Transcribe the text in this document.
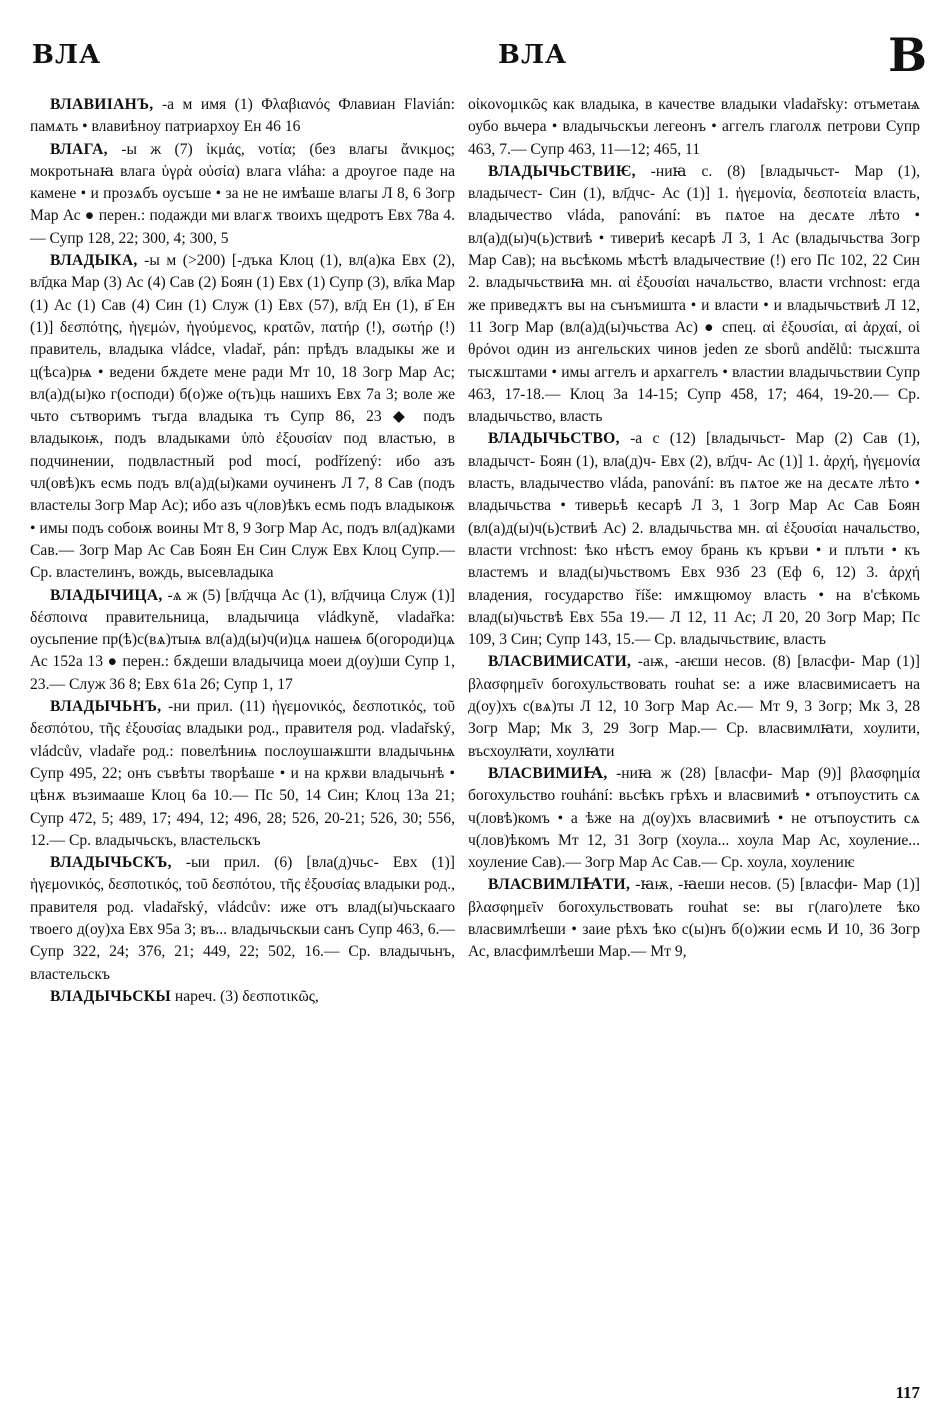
ВЛА	ВЛА	В

ВЛАВИIАНЪ, -а м имя (1) Φλαβιανός Флавиан Flavián: памѧть • влавиѣноу патриархоу Ен 46 16

ВЛАГА, -ы ж (7) ἰκμάς, νοτία; (без влагы ἄνικμος; мокротьнаꙗ влага ὑγρὰ οὐσία) влага vláha: а дроугое паде на камене • и прозѧбъ оусъше • за не не имѣаше влагы Л 8, 6 Зогр Мар Ас ● перен.: подажди ми влагѫ твоихъ щедротъ Евх 78а 4.— Супр 128, 22; 300, 4; 300, 5

ВЛАДЫКА, -ы м (>200) [-дъка Клоц (1), вл(а)ка Евх (2), вл҃дка Мар (3) Ас (4) Сав (2) Боян (1) Евх (1) Супр (3), вл҃ка Мар (1) Ас (1) Сав (4) Син (1) Служ (1) Евх (57), вл҃д Ен (1), в҃ Ен (1)] δεσπότης, ἡγεμών, ἡγούμενος, κρατῶν, πατήρ (!), σωτήρ (!) правитель, владыка vládce, vladař, pán: прѣдъ владыкы же и ц(ѣса)рѩ • ведени бѫдете мене ради Мт 10, 18 Зогр Мар Ас; вл(а)д(ы)ко г(осподи) б(о)же о(ть)ць нашихъ Евх 7а 3; воле же чьто сътворимъ тъгда владыка тъ Супр 86, 23 ◆ подъ владыкоѭ, подъ владыками ὑπὸ ἐξουσίαν под властью, в подчинении, подвластный pod mocí, podřízený: ибо азъ чл(овѣ)къ есмь подъ вл(а)д(ы)ками оучиненъ Л 7, 8 Сав (подъ властелы Зогр Мар Ас); ибо азъ ч(лов)ѣкъ есмь подъ владыкоѭ • имы подъ собоѭ воины Мт 8, 9 Зогр Мар Ас, подъ вл(ад)ками Сав.— Зогр Мар Ас Сав Боян Ен Син Служ Евх Клоц Супр.— Ср. властелинъ, вождь, высевладыка

ВЛАДЫЧИЦА, -ѧ ж (5) [вл҃дчца Ас (1), вл҃дчица Служ (1)] δέσποινα правительница, владычица vládkyně, vladařka: оусьпение пр(ѣ)с(вѧ)тыѩ вл(а)д(ы)ч(и)цѧ нашеѩ б(огороди)цѧ Ас 152а 13 ● перен.: бѫдеши владычица моеи д(оу)ши Супр 1, 23.— Служ 36 8; Евх 61а 26; Супр 1, 17

ВЛАДЫЧЬНЪ, -ни прил. (11) ἡγεμονικός, δεσποτικός, τοῦ δεσπότου, τῆς ἐξουσίας владыки род., правителя род. vladařský, vládcův, vladaře род.: повелѣниѩ послоушаѭшти владычьнѩ Супр 495, 22; онъ съвѣты творѣаше • и на крѫви владычьнѣ • цѣнѫ възимааше Клоц 6а 10.— Пс 50, 14 Син; Клоц 13а 21; Супр 472, 5; 489, 17; 494, 12; 496, 28; 526, 20-21; 526, 30; 556, 12.— Ср. владычьскъ, властельскъ

ВЛАДЫЧЬСКЪ, -ыи прил. (6) [вла(д)чьс- Евх (1)] ἡγεμονικός, δεσποτικός, τοῦ δεσπότου, τῆς ἐξουσίας владыки род., правителя род. vladařský, vládcův: иже отъ влад(ы)чьскааго твоего д(оу)ха Евх 95а 3; въ... владычьскыи санъ Супр 463, 6.— Супр 322, 24; 376, 21; 449, 22; 502, 16.— Ср. владычьнъ, властельскъ

ВЛАДЫЧЬСКЫ нареч. (3) δεσποτικῶς,

οἰκονομικῶς как владыка, в качестве владыки vladařsky: отъметаѩ оубо вьчера • владычьскъи легеонъ • аггелъ глаголѫ петрови Супр 463, 7.— Супр 463, 11—12; 465, 11

ВЛАДЫЧЬСТВИѤ, -ниꙗ с. (8) [владычьст- Мар (1), владычест- Син (1), вл҃дчс- Ас (1)] 1. ἡγεμονία, δεσποτεία власть, владычество vláda, panování: въ пѧтое на десѧте лѣто • вл(а)д(ы)ч(ь)ствиѣ • тивериѣ кесарѣ Л 3, 1 Ас (владычьства Зогр Мар Сав); на вьсѣкомь мѣстѣ владычествие (!) его Пс 102, 22 Син 2. владычьствиꙗ мн. αἱ ἐξουσίαι начальство, власти vrchnost: егда же приведѫтъ вы на сънъмишта • и власти • и владычьствиѣ Л 12, 11 Зогр Мар (вл(а)д(ы)чьства Ас) ● спец. αἱ ἐξουσίαι, αἱ ἀρχαί, οἱ θρόνοι один из ангельских чинов jeden ze sborů andělů: тысѫшта тысѫштами • имы аггелъ и архаггелъ • властии владычьствии Супр 463, 17-18.— Клоц 3а 14-15; Супр 458, 17; 464, 19-20.— Ср. владычьство, власть

ВЛАДЫЧЬСТВО, -а с (12) [владычьст- Мар (2) Сав (1), владычст- Боян (1), вла(д)ч- Евх (2), вл҃дч- Ас (1)] 1. ἀρχή, ἡγεμονία власть, владычество vláda, panování: въ пѧтое же на десѧте лѣто • владычьства • тиверьѣ кесарѣ Л 3, 1 Зогр Мар Ас Сав Боян (вл(а)д(ы)ч(ь)ствиѣ Ас) 2. владычьства мн. αἱ ἐξουσίαι начальство, власти vrchnost: ѣко нѣстъ емоу брань къ кръви • и плъти • къ властемъ и влад(ы)чьствомъ Евх 93б 23 (Еф 6, 12) 3. ἀρχή владения, государство říše: имѫщюмоу власть • на в'сѣкомь влад(ы)чьствѣ Евх 55а 19.— Л 12, 11 Ас; Л 20, 20 Зогр Мар; Пс 109, 3 Син; Супр 143, 15.— Ср. владычьствиѥ, власть

ВЛАСВИМИСАТИ, -аѭ, -аѥши несов. (8) [власфи- Мар (1)] βλασφημεῖν богохульствовать rouhat se: а иже власвимисаетъ на д(оу)хъ с(вѧ)ты Л 12, 10 Зогр Мар Ас.— Мт 9, 3 Зогр; Мк 3, 28 Зогр Мар; Мк 3, 29 Зогр Мар.— Ср. власвимлꙗти, хоулити, въсхоулꙗти, хоулꙗти

ВЛАСВИМИꙖ, -ниꙗ ж (28) [власфи- Мар (9)] βλασφημία богохульство rouhání: вьсѣкъ грѣхъ и власвимиѣ • отъпоустить сѧ ч(ловѣ)комъ • а ѣже на д(оу)хъ власвимиѣ • не отъпоустить сѧ ч(лов)ѣкомъ Мт 12, 31 Зогр (хоула... хоула Мар Ас, хоуление... хоуление Сав).— Зогр Мар Ас Сав.— Ср. хоула, хоулениѥ

ВЛАСВИМЛꙖТИ, -ꙗѭ, -ꙗеши несов. (5) [власфи- Мар (1)] βλασφημεῖν богохульствовать rouhat se: вы г(лаго)лете ѣко власвимлѣеши • заие рѣхъ ѣко с(ы)нъ б(о)жии есмь И 10, 36 Зогр Ас, власфимлѣеши Мар.— Мт 9,

117
